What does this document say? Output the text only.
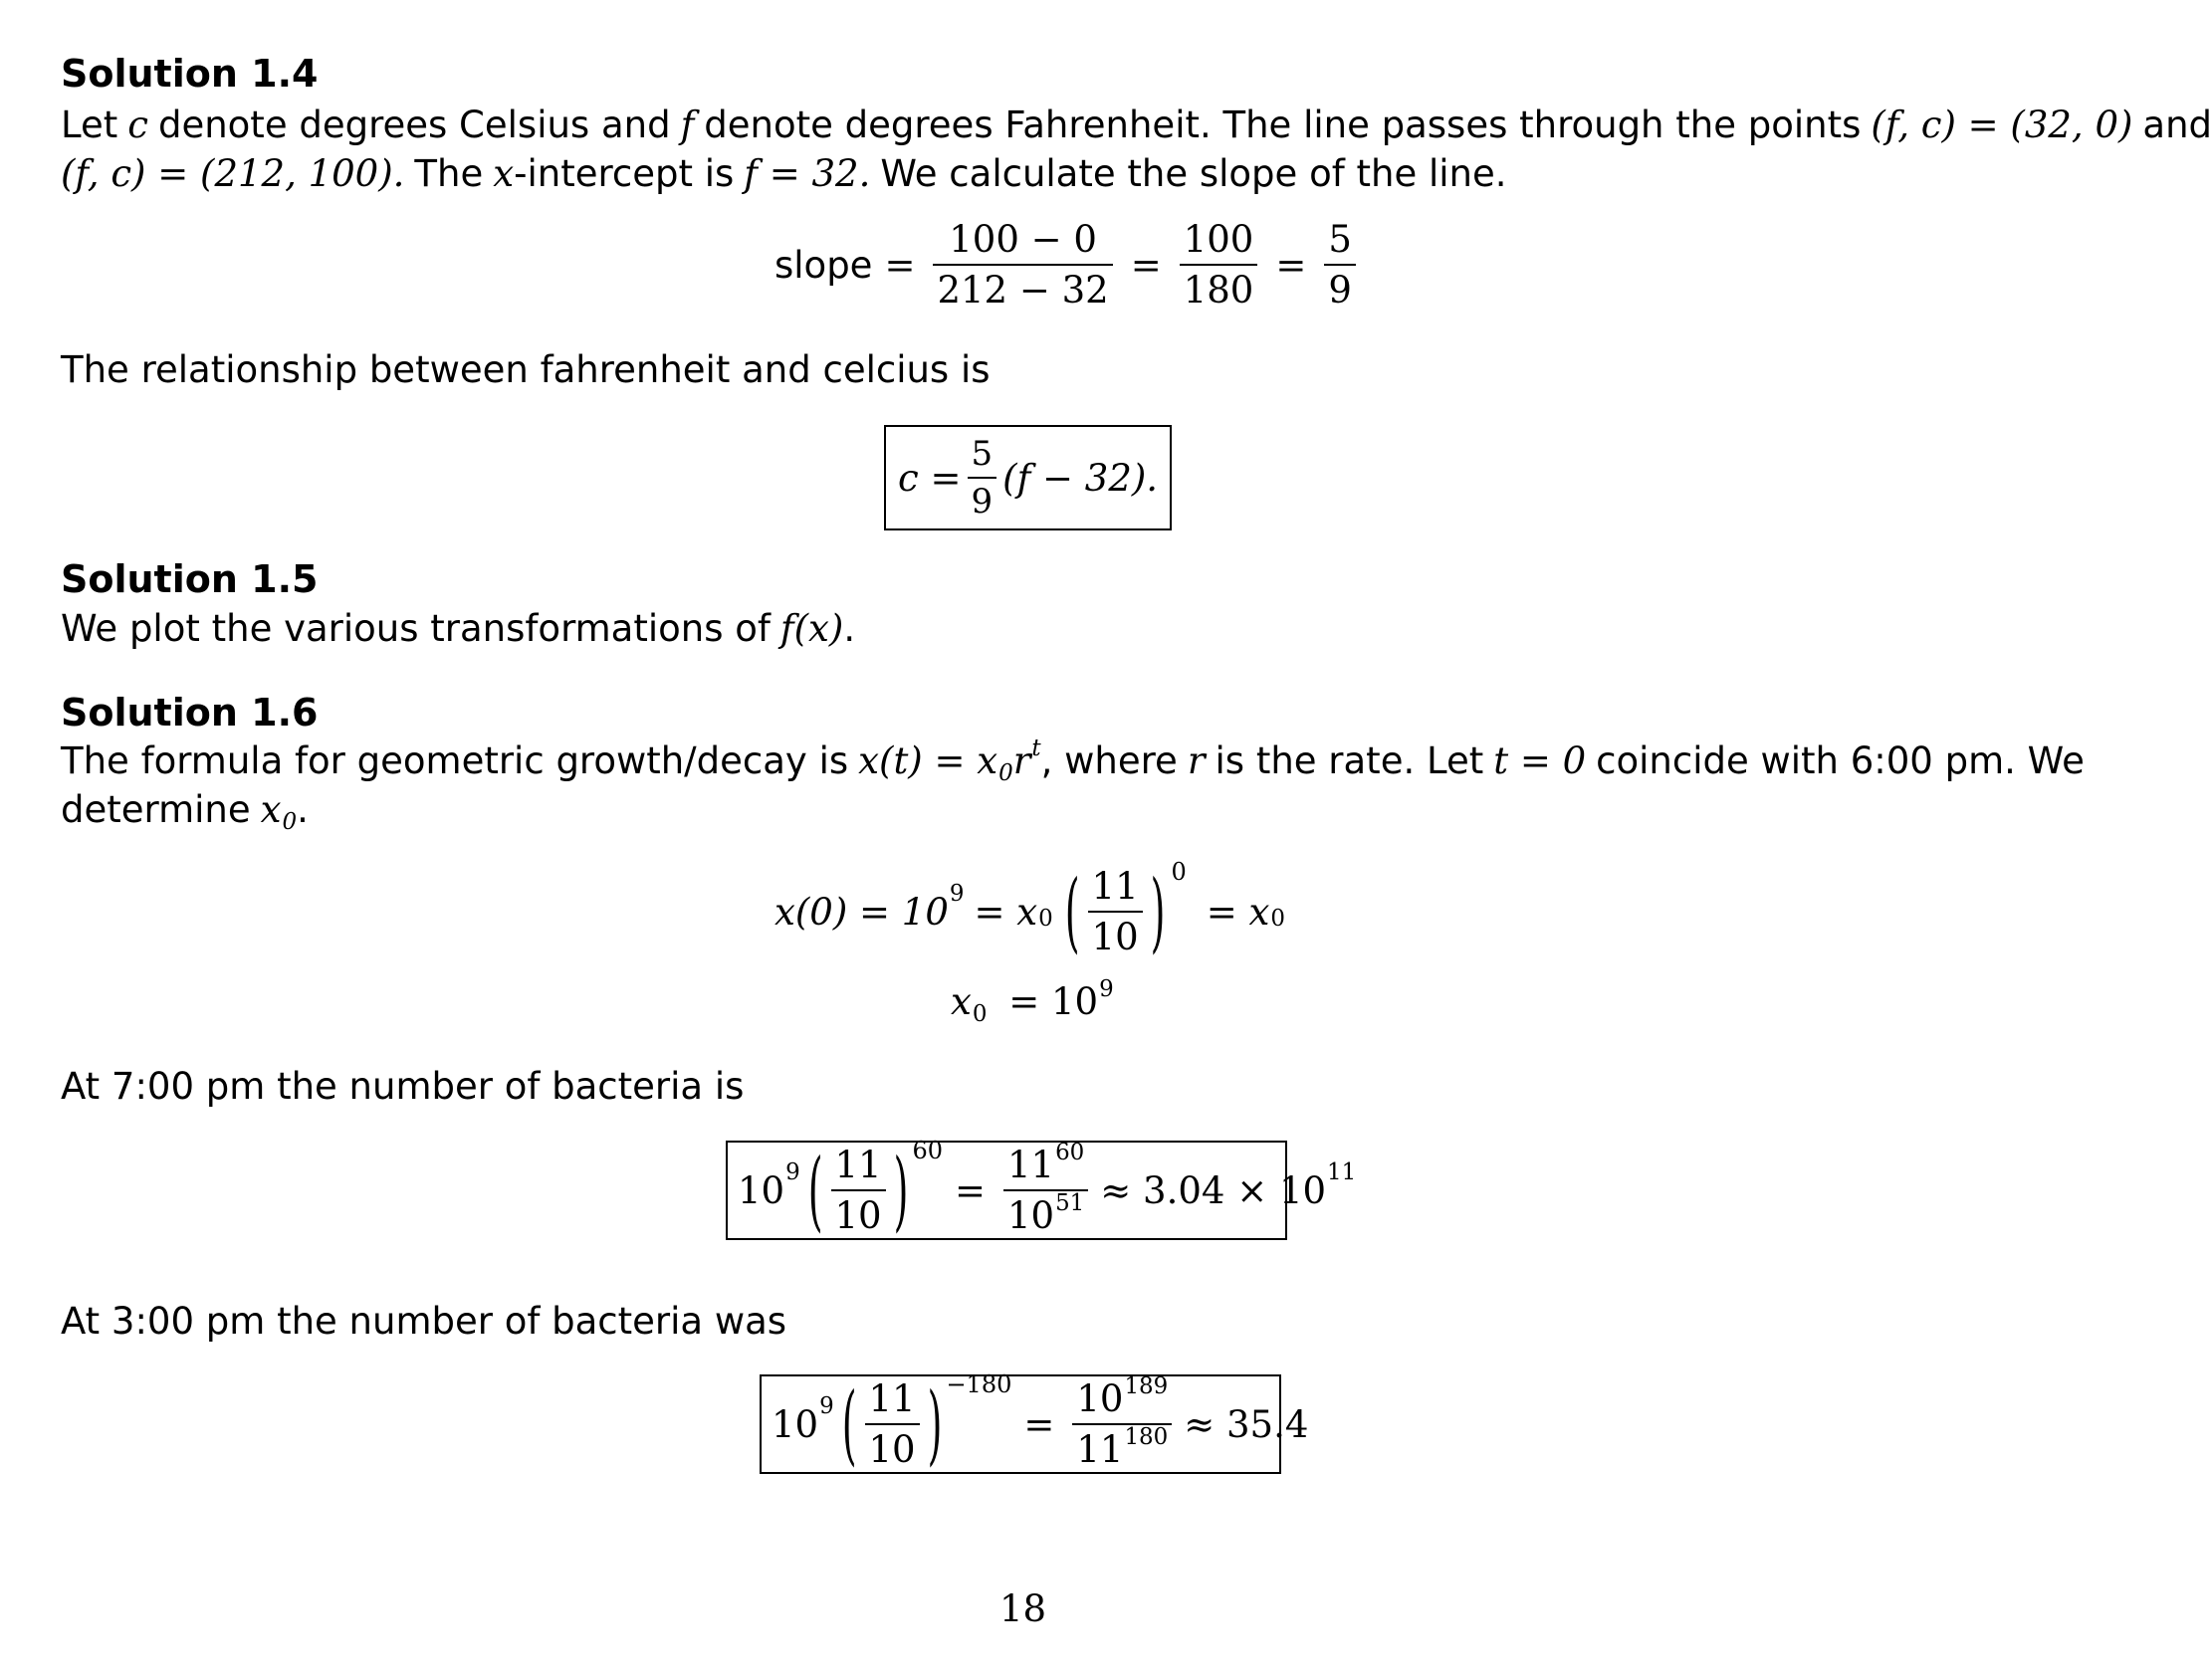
Solution 1.4
Let c denote degrees Celsius and f denote degrees Fahrenheit. The line passes through the points (f, c) = (32, 0) and
(f, c) = (212, 100). The x-intercept is f = 32. We calculate the slope of the line.
slope = $\frac{100 - 0}{212 - 32} = \frac{100}{180} = \frac{5}{9}$
The relationship between fahrenheit and celcius is
$c = \frac{5}{9} (f - 32)$.
Solution 1.5
We plot the various transformations of f(x).
Solution 1.6
The formula for geometric growth/decay is $x(t) = x0r^t$, where r is the rate. Let t = 0 coincide with 6:00 pm. We
determine x0.
x(0) = 10 9 = x 0 ( $\frac{11}{10}$ ) 0
= x 0
$x0 = 10^9$
At 7:00 pm the number of bacteria is
10 9 ( $\frac{11}{10}$ ) 60
= $\frac{11^{60}}{10^{51}} \approx 3.04 \times 10$ 11
At 3:00 pm the number of bacteria was
10 9 ( $\frac{11}{10}$ ) −180
= $\frac{10^{189}}{11^{180}} \approx 35.4$
18
